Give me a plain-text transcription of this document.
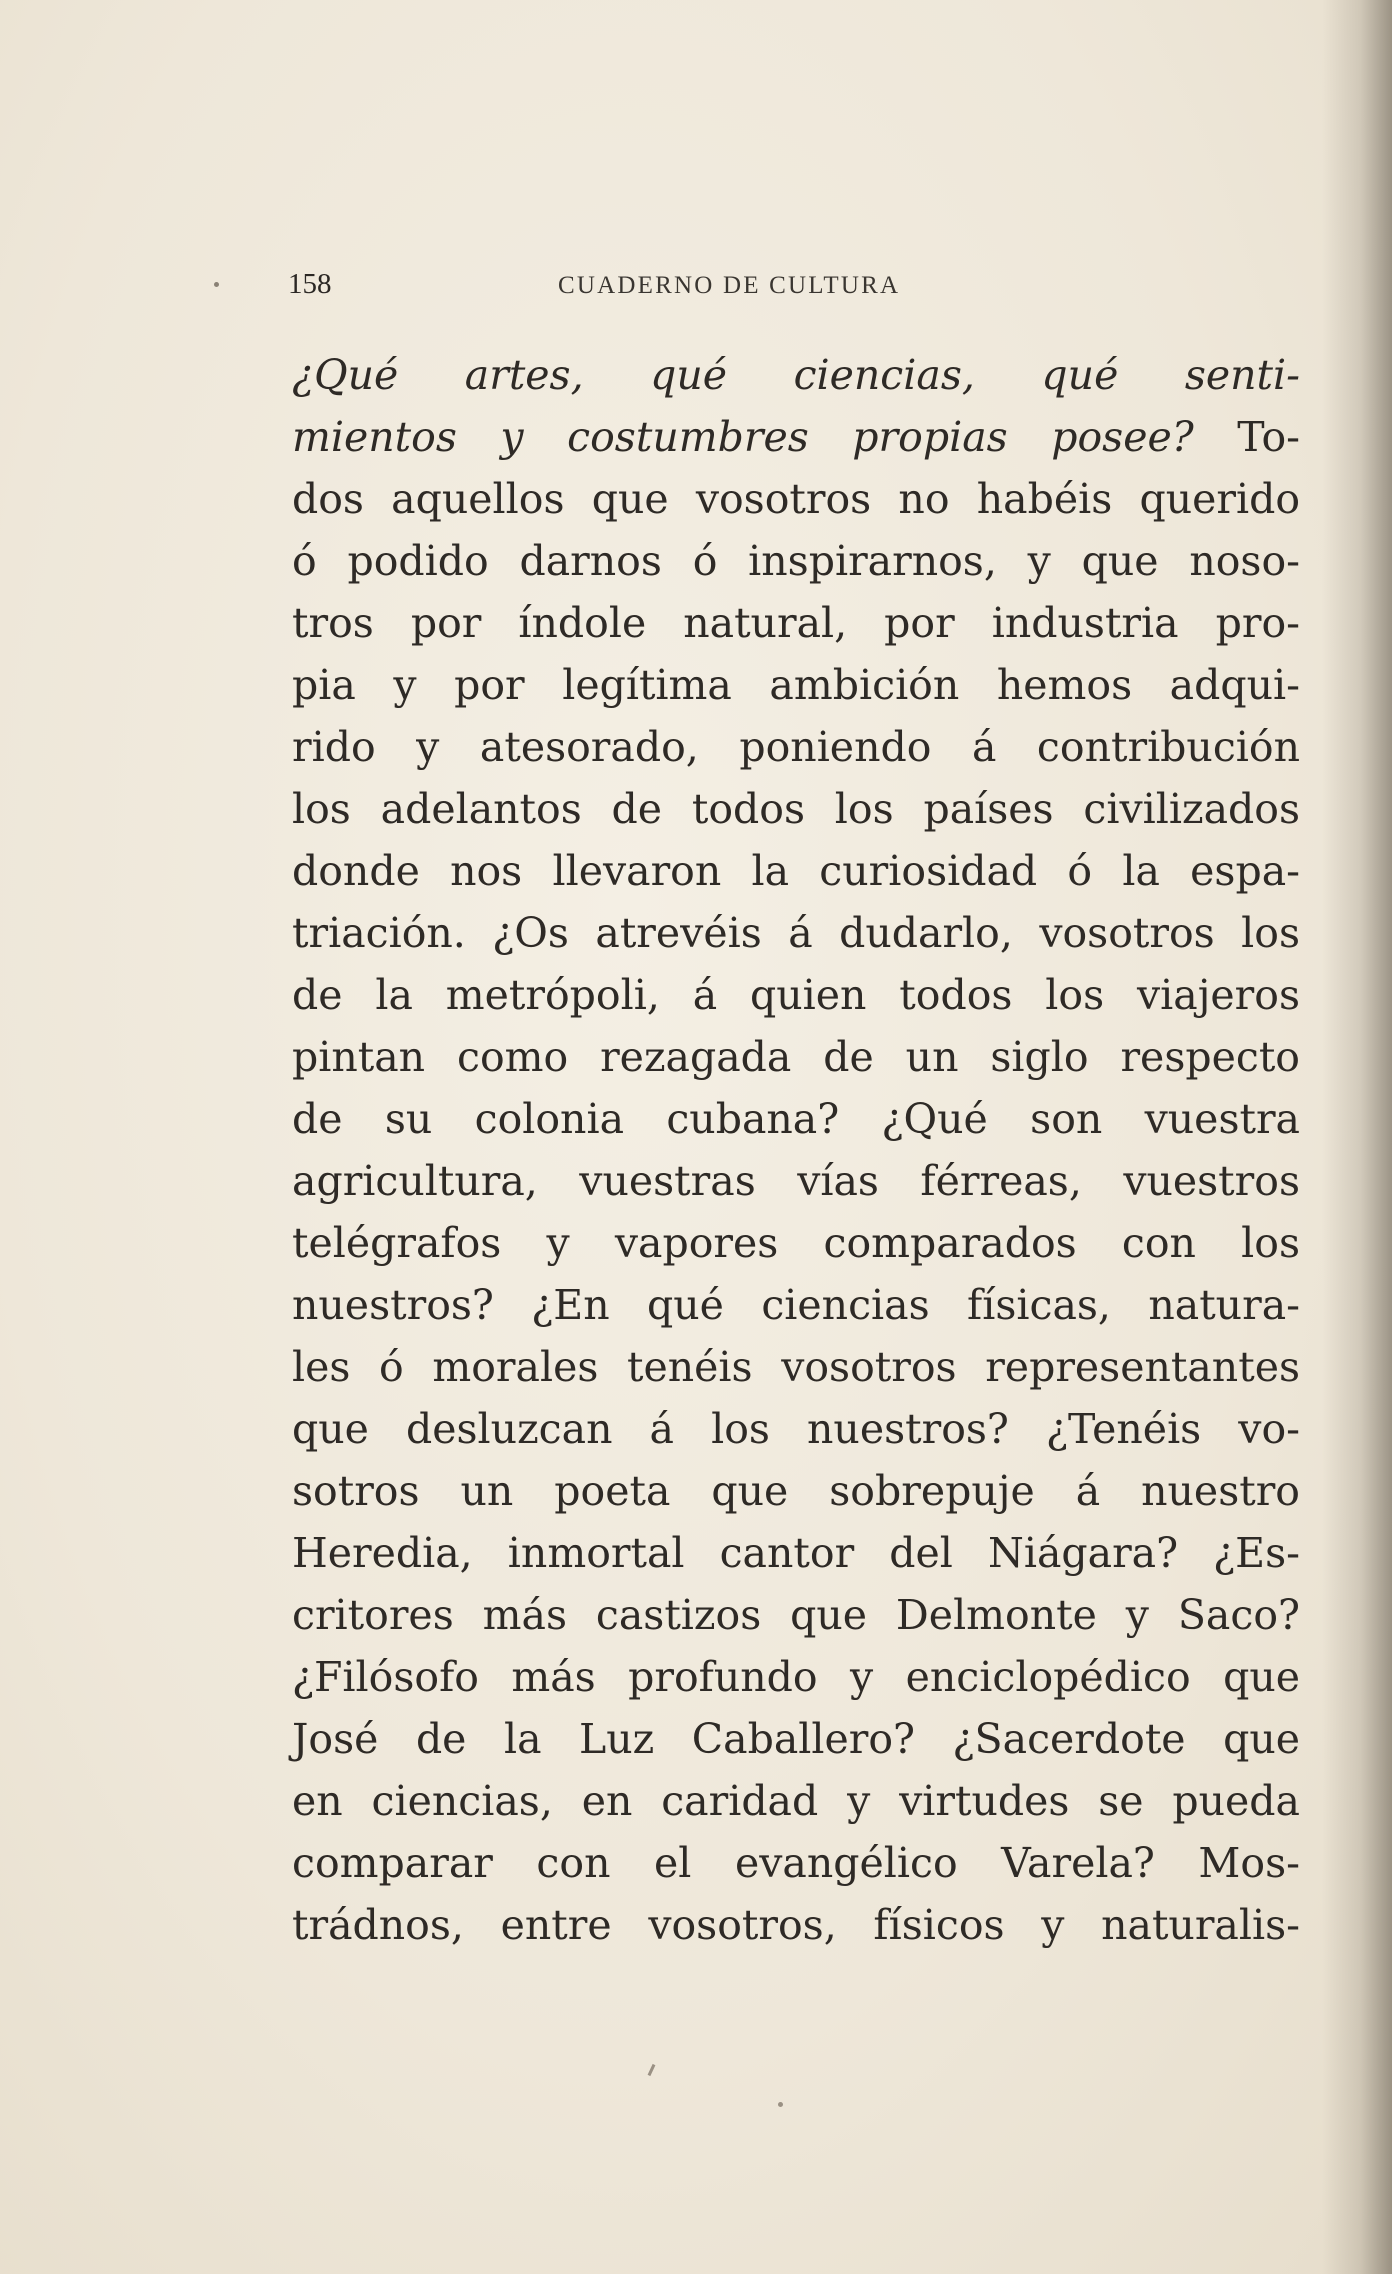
158	CUADERNO DE CULTURA
¿Qué artes, qué ciencias, qué senti-
mientos y costumbres propias posee? To-
dos aquellos que vosotros no habéis querido
ó podido darnos ó inspirarnos, y que noso-
tros por índole natural, por industria pro-
pia y por legítima ambición hemos adqui-
rido y atesorado, poniendo á contribución
los adelantos de todos los países civilizados
donde nos llevaron la curiosidad ó la espa-
triación. ¿Os atrevéis á dudarlo, vosotros los
de la metrópoli, á quien todos los viajeros
pintan como rezagada de un siglo respecto
de su colonia cubana? ¿Qué son vuestra
agricultura, vuestras vías férreas, vuestros
telégrafos y vapores comparados con los
nuestros? ¿En qué ciencias físicas, natura-
les ó morales tenéis vosotros representantes
que desluzcan á los nuestros? ¿Tenéis vo-
sotros un poeta que sobrepuje á nuestro
Heredia, inmortal cantor del Niágara? ¿Es-
critores más castizos que Delmonte y Saco?
¿Filósofo más profundo y enciclopédico que
José de la Luz Caballero? ¿Sacerdote que
en ciencias, en caridad y virtudes se pueda
comparar con el evangélico Varela? Mos-
trádnos, entre vosotros, físicos y naturalis-
